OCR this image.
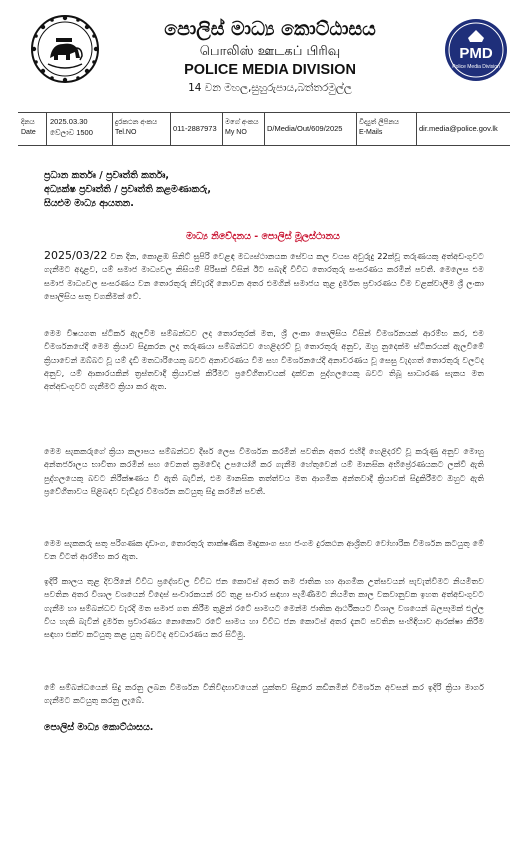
පොලිස් මාධ්‍ය කොට්ඨාසය
பொலிஸ் ஊடகப் பிரிவு
POLICE MEDIA DIVISION
14 වන මහල,සුහුරුපාය,බත්තරමුල්ල
PMD
Police Media Division
දිනය
Date
2025.03.30
වේලාව 1500
දුරකථන අංකය
Tel.NO	011-2887973
මගේ අංකය
My NO	D/Media/Out/609/2025
විද්‍යුත් ලිපිනය
E-Mails	dir.media@police.gov.lk
ප්‍රධාන කර්තෘ / ප්‍රවෘත්ති කර්තෘ,
අධ්‍යක්ෂ ප්‍රවෘත්ති / ප්‍රවෘත්ති කළමණාකරු,
සියළුම මාධ්‍ය ආයතන.
මාධ්‍ය නිවේදනය - පොලිස් මූලස්ථානය
2025/03/22 වන දින, කොළඹ සිනිට් සුපිරි වෙළඳ මධ්‍යස්ථානයක සේවය කල වයස අවුරුදු 22ක්වූ තරුණයකු අත්අඩංගුවට ගැනීමට අදාළව, යම් සමාජ මාධ්‍යවල කිසියම් පිරිසක් විසින් ඊට සබැඳි විවිධ තොරතුරු සංසරණය කරමින් පවතී. මෙලෙස එම සමාජ මාධ්‍යවල සංසරණය වන තොරතුරු නිවැරදි නොවන අතර එමගින් සමාජය තුළ දුර්මත ප්‍රචාරණය වීම වළක්වාලීම ශ්‍රී ලංකා පොලිසිය සතු වගකීමක් වේ.
මෙම විෂයගත ස්ටිකර් ඇලවීම සම්බන්ධව ලද තොරතුරක් මත, ශ්‍රී ලංකා පොලිසිය විසින් විමර්ශනයක් ආරම්භ කර, එම විමර්ශනයේදී මෙම ක්‍රියාව සිදුකරන ලද තරුණයා සම්බන්ධව හෙළිදරව් වූ තොරතුරු අනුව, ඔහු නුදෙක්ම ස්ටිකරයක් ඇලවීමේ ක්‍රියාවෙන් ඔබ්බට වූ යම් දැඩි මතධාරියෙකු බවට අනාවරණය වීම සහ විමර්ශනයේදී අනාවරණය වූ සෙසු වැදගත් තොරතුරු වලටද අනුව, යම් ආකාරයකින් ත්‍රස්තවාදී ක්‍රියාවක් කිරීමට ප්‍රවේගීතාවයක් දක්වන පුද්ගලයෙකු බවට තිබූ සාධාරණ සැකය මත අත්අඩංගුවට ගැනීමට ක්‍රියා කර ඇත.
මෙම සැකකරුගේ ක්‍රියා කලාපය සම්බන්ධව දීර්ඝ ලෙස විමර්ශන කරමින් පවතින අතර එහිදී හෙළිදරව් වූ කරුණු අනුව මොහු අන්තර්ජාලය භාවිතා කරමින් සහ වෙනත් ක්‍රමවේද උපයෝගී කර ගැනීම හේතුවෙන් යම් මානසික අභිප්‍රේරණයකට ලක්වී ඇති පුද්ගලයෙකු බවට නිරීක්ෂණය වී ඇති බැවින්, එම මානසික තත්ත්වය මත ආගමික අන්තවාදී ක්‍රියාවක් සිදුකිරීමට ඔහුට ඇති ප්‍රවේගීතාවය පිළිබඳව වැඩිදුර විමර්ශන කටයුතු සිදු කරමින් පවතී.
මෙම සැකකරු සතු පරිගණක දෘඩාංග, තොරතුරු තාක්ෂණික මෘදුකාංග සහ ජංගම දුරකථන ආශ්‍රිතව වෝහාරික විමර්ශන කටයුතු මේ වන විටත් ආරම්භ කර ඇත.
ඉදිරි කාලය තුළ දිවයිනේ විවිධ ප්‍රදේශවල විවිධ ජන කොටස් අතර තම ජාතික හා ආගමික උත්සවයන් පැවැත්වීමට නියමිතව පවතින අතර විශාල වශයෙන් විදෙස් සංචාරකයන් රට තුළ සංචාර සඳහා පැමිණීමට නියමිත කාල වකවානුවක ඉහත අත්අඩංගුවට ගැනීම හා සම්බන්ධව වැරදි මත සමාජ ගත කිරීම තුළින් රටේ සාමයට මෙන්ම ජාතික ආර්ථිකයට විශාල වශයෙන් බලපෑමක් එල්ල විය හැකි බැවින් දුර්මත ප්‍රචාරණය නොකොට රටේ සාමය හා විවිධ ජන කොටස් අතර දැනට පවතින සංහිඳියාව ආරක්ෂා කිරීම සඳහා එක්ව කටයුතු කළ යුතු බවටද අවධාරණය කර සිටිමු.
මේ සම්බන්ධයෙන් සිදු කරනු ලබන විමර්ශන විනිවිදභාවයෙන් යුක්තව සිදුකර කඩිනමින් විමර්ශන අවසන් කර ඉදිරි ක්‍රියා මාර්ග ගැනීමට කටයුතු කරනු ලැබේ.
පොලිස් මාධ්‍ය කොට්ඨාසය.
